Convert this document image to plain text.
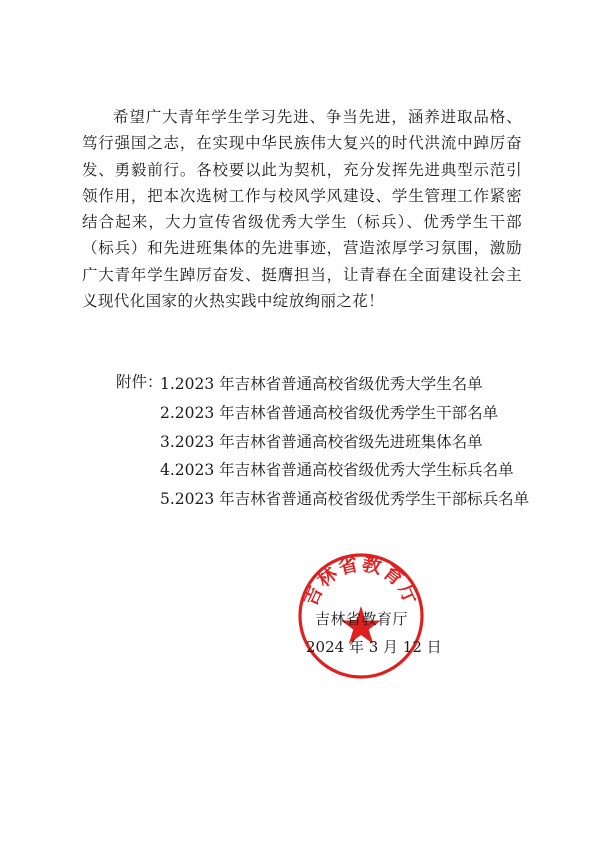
希望广大青年学生学习先进、争当先进，涵养进取品格、笃行强国之志，在实现中华民族伟大复兴的时代洪流中踔厉奋发、勇毅前行。各校要以此为契机，充分发挥先进典型示范引领作用，把本次选树工作与校风学风建设、学生管理工作紧密结合起来，大力宣传省级优秀大学生（标兵）、优秀学生干部（标兵）和先进班集体的先进事迹，营造浓厚学习氛围，激励广大青年学生踔厉奋发、挺膺担当，让青春在全面建设社会主义现代化国家的火热实践中绽放绚丽之花！

附件：
1.2023 年吉林省普通高校省级优秀大学生名单
2.2023 年吉林省普通高校省级优秀学生干部名单
3.2023 年吉林省普通高校省级先进班集体名单
4.2023 年吉林省普通高校省级优秀大学生标兵名单
5.2023 年吉林省普通高校省级优秀学生干部标兵名单
吉林省教育厅
吉林省教育厅
2024 年 3 月 12 日
